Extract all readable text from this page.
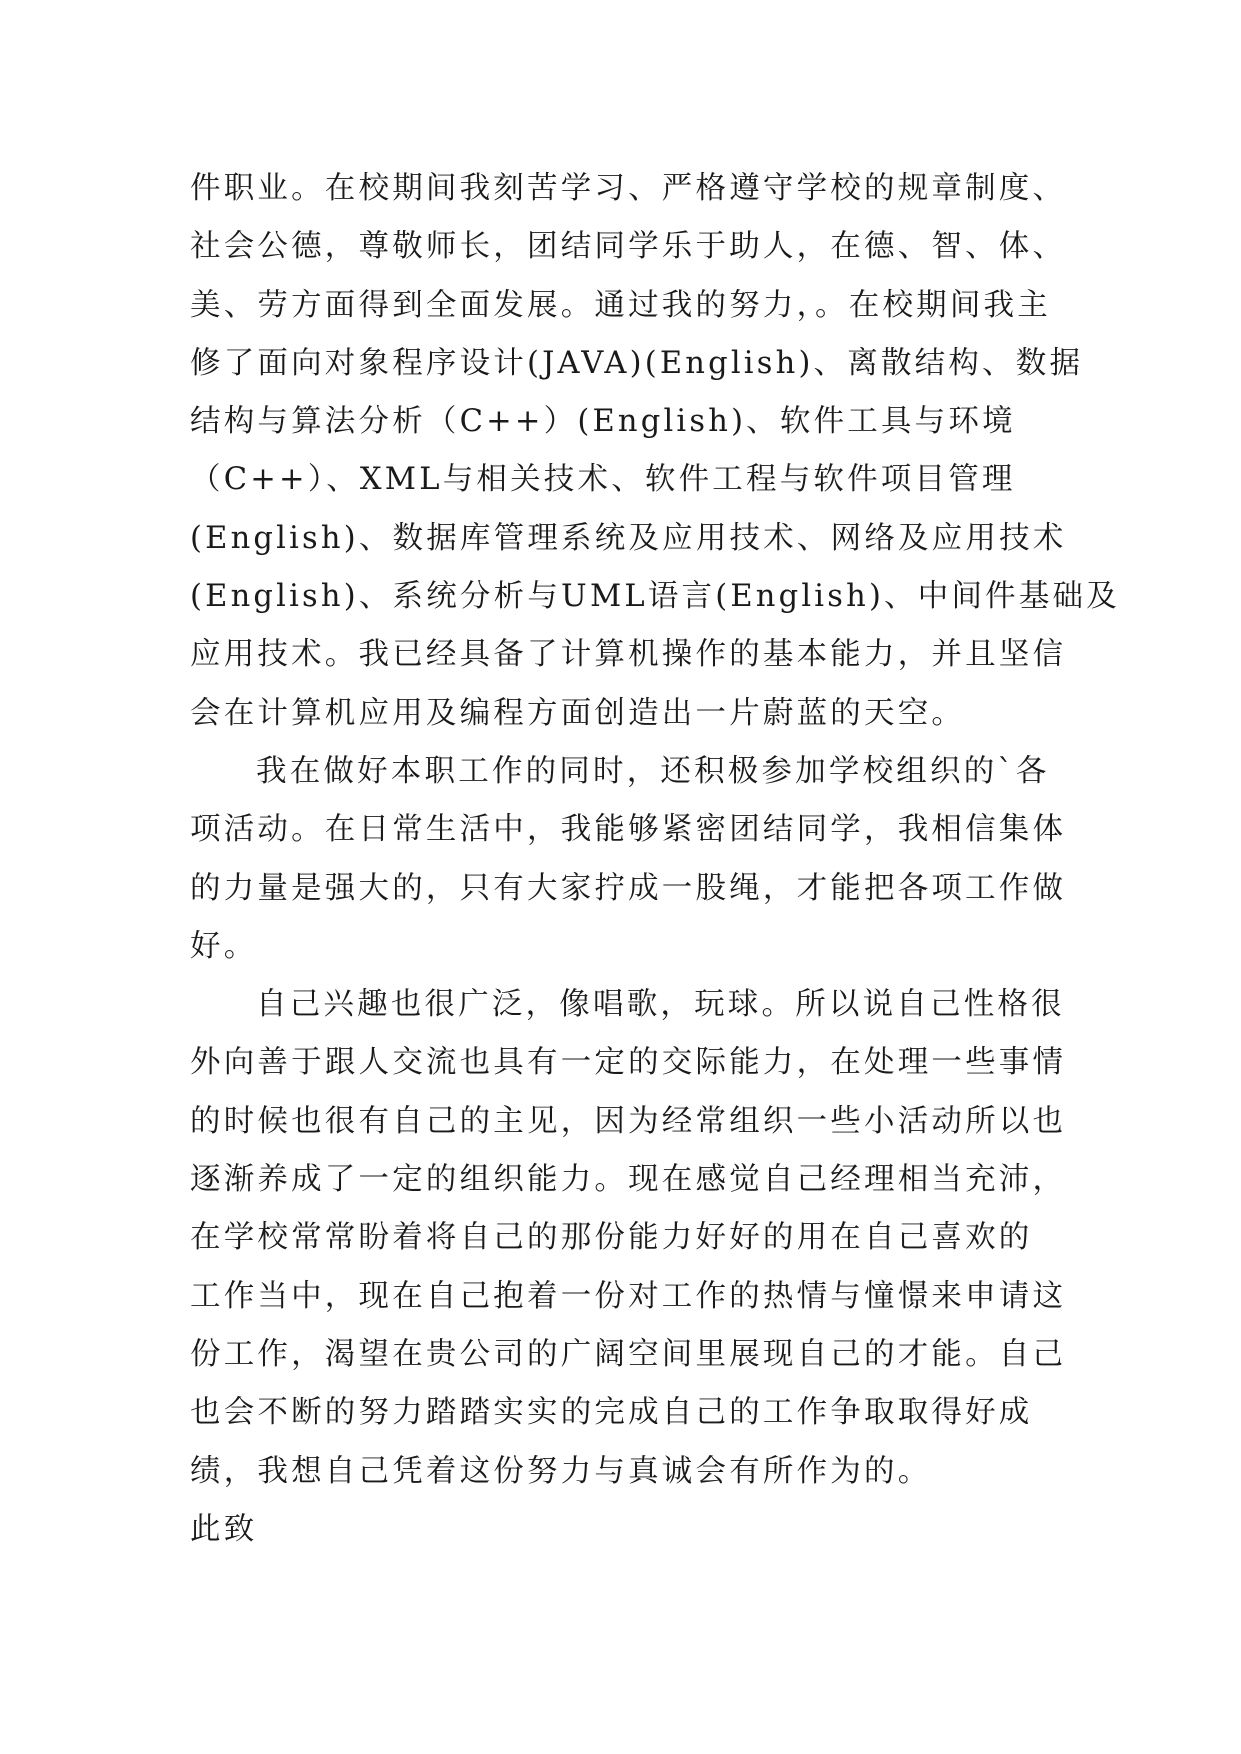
件职业。在校期间我刻苦学习、严格遵守学校的规章制度、
社会公德，尊敬师长，团结同学乐于助人，在德、智、体、
美、劳方面得到全面发展。通过我的努力，。在校期间我主
修了面向对象程序设计(JAVA)(English)、离散结构、数据
结构与算法分析（C++）(English)、软件工具与环境
（C++）、XML与相关技术、软件工程与软件项目管理
(English)、数据库管理系统及应用技术、网络及应用技术
(English)、系统分析与UML语言(English)、中间件基础及
应用技术。我已经具备了计算机操作的基本能力，并且坚信
会在计算机应用及编程方面创造出一片蔚蓝的天空。
我在做好本职工作的同时，还积极参加学校组织的`各
项活动。在日常生活中，我能够紧密团结同学，我相信集体
的力量是强大的，只有大家拧成一股绳，才能把各项工作做
好。
自己兴趣也很广泛，像唱歌，玩球。所以说自己性格很
外向善于跟人交流也具有一定的交际能力，在处理一些事情
的时候也很有自己的主见，因为经常组织一些小活动所以也
逐渐养成了一定的组织能力。现在感觉自己经理相当充沛，
在学校常常盼着将自己的那份能力好好的用在自己喜欢的
工作当中，现在自己抱着一份对工作的热情与憧憬来申请这
份工作，渴望在贵公司的广阔空间里展现自己的才能。自己
也会不断的努力踏踏实实的完成自己的工作争取取得好成
绩，我想自己凭着这份努力与真诚会有所作为的。
此致
